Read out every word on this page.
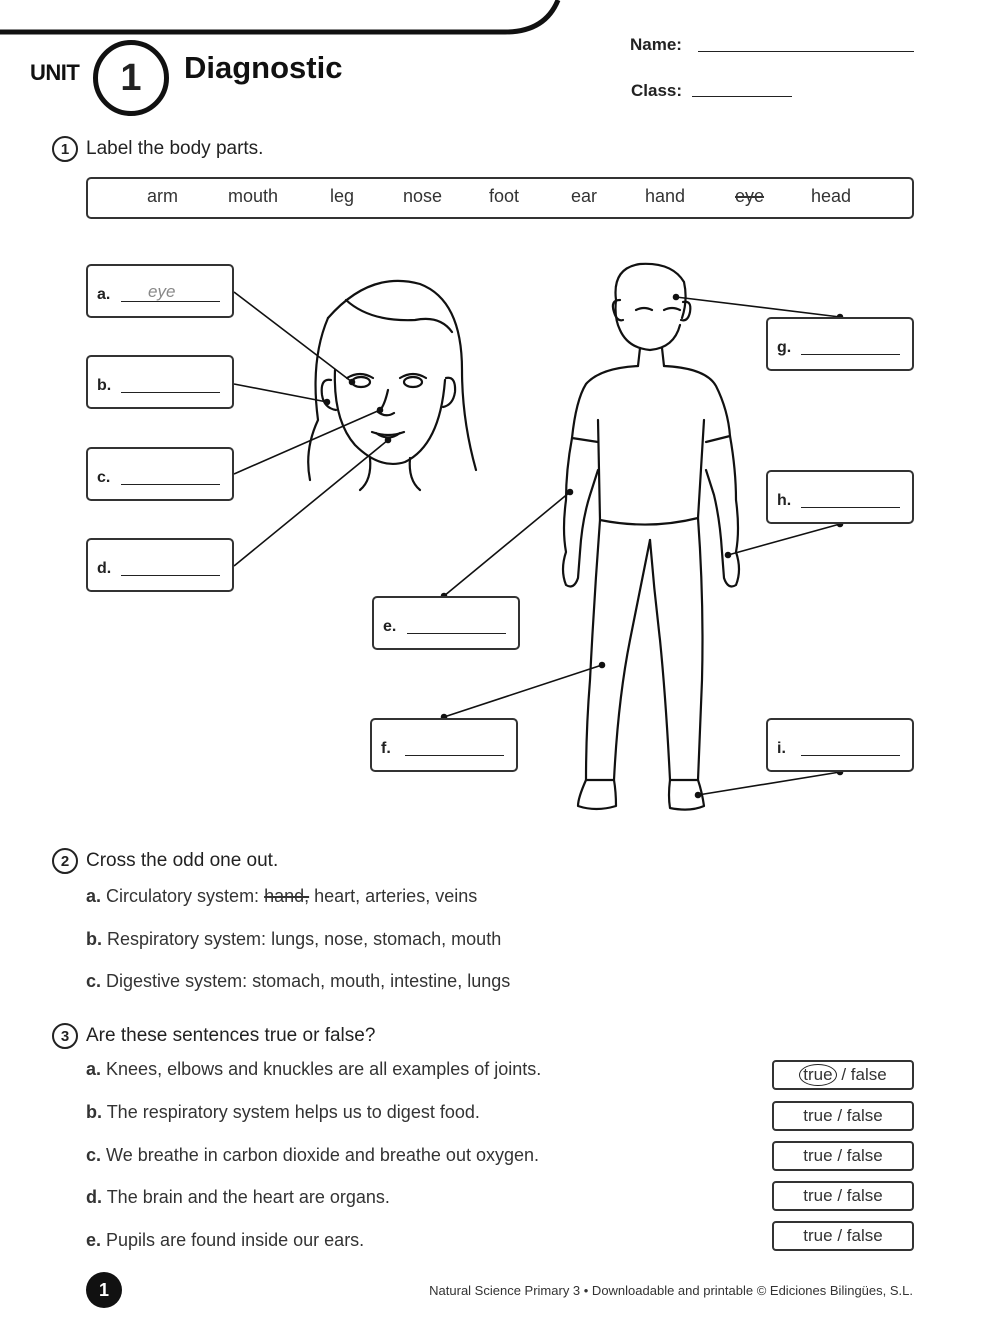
UNIT	1	Diagnostic
Name:
Class:
1 Label the body parts.
arm	mouth	leg	nose	foot	ear	hand	eye	head
a. eye
b.
c.
d.
e.
f.
g.
h.
i.
2 Cross the odd one out.
a. Circulatory system: hand, heart, arteries, veins
b. Respiratory system: lungs, nose, stomach, mouth
c. Digestive system: stomach, mouth, intestine, lungs
3 Are these sentences true or false?
a. Knees, elbows and knuckles are all examples of joints.	true / false
b. The respiratory system helps us to digest food.	true / false
c. We breathe in carbon dioxide and breathe out oxygen.	true / false
d. The brain and the heart are organs.	true / false
e. Pupils are found inside our ears.	true / false
1	Natural Science Primary 3 • Downloadable and printable © Ediciones Bilingües, S.L.
